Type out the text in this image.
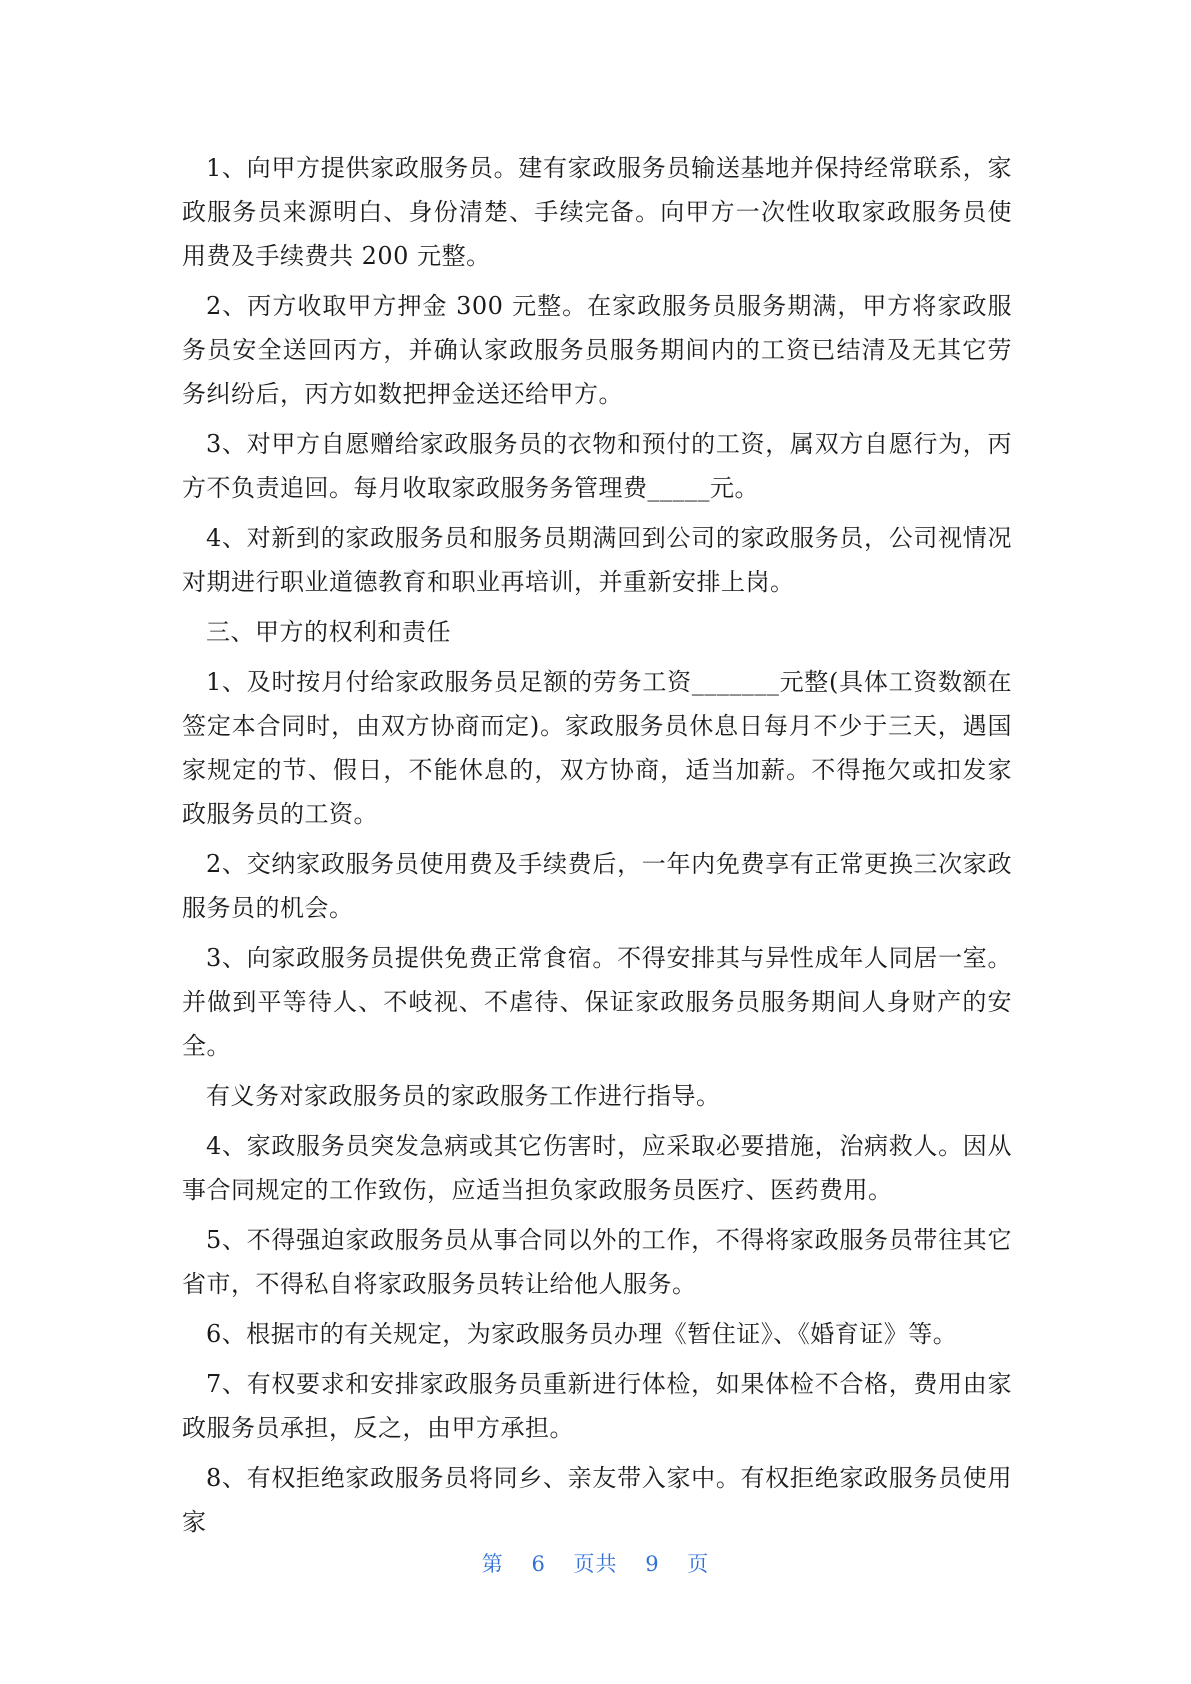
1、向甲方提供家政服务员。建有家政服务员输送基地并保持经常联系，家政服务员来源明白、身份清楚、手续完备。向甲方一次性收取家政服务员使用费及手续费共 200 元整。

2、丙方收取甲方押金 300 元整。在家政服务员服务期满，甲方将家政服务员安全送回丙方，并确认家政服务员服务期间内的工资已结清及无其它劳务纠纷后，丙方如数把押金送还给甲方。

3、对甲方自愿赠给家政服务员的衣物和预付的工资，属双方自愿行为，丙方不负责追回。每月收取家政服务务管理费_____元。

4、对新到的家政服务员和服务员期满回到公司的家政服务员，公司视情况对期进行职业道德教育和职业再培训，并重新安排上岗。

三、甲方的权利和责任

1、及时按月付给家政服务员足额的劳务工资_______元整(具体工资数额在签定本合同时，由双方协商而定)。家政服务员休息日每月不少于三天，遇国家规定的节、假日，不能休息的，双方协商，适当加薪。不得拖欠或扣发家政服务员的工资。

2、交纳家政服务员使用费及手续费后，一年内免费享有正常更换三次家政服务员的机会。

3、向家政服务员提供免费正常食宿。不得安排其与异性成年人同居一室。并做到平等待人、不岐视、不虐待、保证家政服务员服务期间人身财产的安全。

有义务对家政服务员的家政服务工作进行指导。

4、家政服务员突发急病或其它伤害时，应采取必要措施，治病救人。因从事合同规定的工作致伤，应适当担负家政服务员医疗、医药费用。

5、不得强迫家政服务员从事合同以外的工作，不得将家政服务员带往其它省市，不得私自将家政服务员转让给他人服务。

6、根据市的有关规定，为家政服务员办理《暂住证》、《婚育证》等。

7、有权要求和安排家政服务员重新进行体检，如果体检不合格，费用由家政服务员承担，反之，由甲方承担。

8、有权拒绝家政服务员将同乡、亲友带入家中。有权拒绝家政服务员使用家

第 6 页共 9 页
